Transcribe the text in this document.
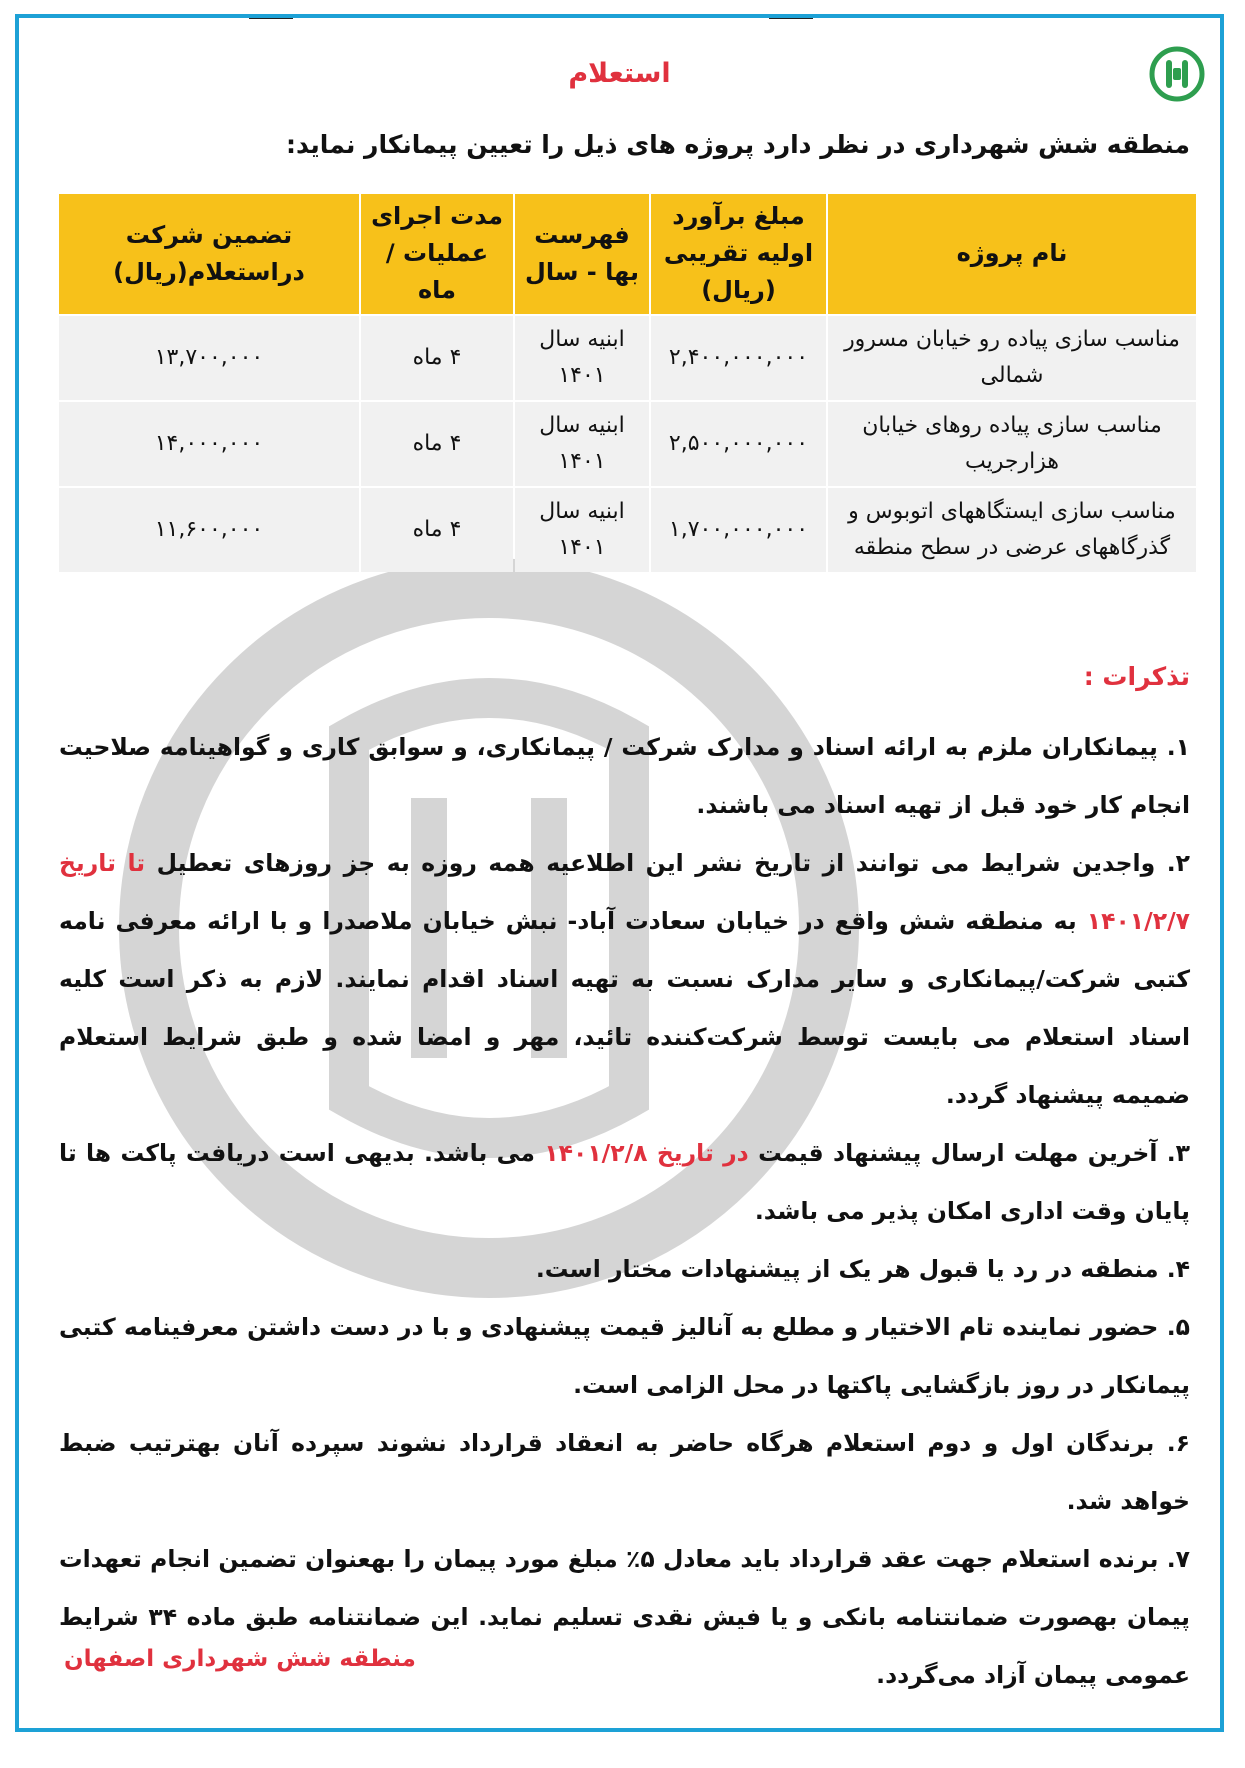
استعلام
منطقه شش شهرداری در نظر دارد پروژه های ذیل را تعیین پیمانکار نماید:
نام پروژه	مبلغ برآورد اولیه تقریبی (ریال)	فهرست بها - سال	مدت اجرای عملیات /ماه	تضمین شرکت دراستعلام(ریال)
مناسب سازی پیاده رو خیابان مسرور شمالی	۲,۴۰۰,۰۰۰,۰۰۰	ابنیه سال ۱۴۰۱	۴ ماه	۱۳,۷۰۰,۰۰۰
مناسب سازی پیاده روهای خیابان هزارجریب	۲,۵۰۰,۰۰۰,۰۰۰	ابنیه سال ۱۴۰۱	۴ ماه	۱۴,۰۰۰,۰۰۰
مناسب سازی ایستگاههای اتوبوس و گذرگاههای عرضی در سطح منطقه	۱,۷۰۰,۰۰۰,۰۰۰	ابنیه سال ۱۴۰۱	۴ ماه	۱۱,۶۰۰,۰۰۰
تذکرات :

۱. پیمانکاران ملزم به ارائه اسناد و مدارک شرکت / پیمانکاری، و سوابق کاری و گواهینامه صلاحیت انجام کار خود قبل از تهیه اسناد می باشند.

۲. واجدین شرایط می توانند از تاریخ نشر این اطلاعیه همه روزه به جز روزهای تعطیل تا تاریخ ۱۴۰۱/۲/۷ به منطقه شش واقع در خیابان سعادت آباد- نبش خیابان ملاصدرا و با ارائه معرفی نامه کتبی شرکت/پیمانکاری و سایر مدارک نسبت به تهیه اسناد اقدام نمایند. لازم به ذکر است کلیه اسناد استعلام می بایست توسط شرکت‌کننده تائید، مهر و امضا شده و طبق شرایط استعلام ضمیمه پیشنهاد گردد.

۳. آخرین مهلت ارسال پیشنهاد قیمت در تاریخ ۱۴۰۱/۲/۸ می باشد. بدیهی است دریافت پاکت ها تا پایان وقت اداری امکان پذیر می باشد.

۴. منطقه در رد یا قبول هر یک از پیشنهادات مختار است.

۵. حضور نماینده تام الاختیار و مطلع به آنالیز قیمت پیشنهادی و با در دست داشتن معرفینامه کتبی پیمانکار در روز بازگشایی پاکتها در محل الزامی است.

۶. برندگان اول و دوم استعلام هرگاه حاضر به انعقاد قرارداد نشوند سپرده آنان بهترتیب ضبط خواهد شد.

۷. برنده استعلام جهت عقد قرارداد باید معادل ۵٪ مبلغ مورد پیمان را بهعنوان تضمین انجام تعهدات پیمان بهصورت ضمانتنامه بانکی و یا فیش نقدی تسلیم نماید. این ضمانتنامه طبق ماده ۳۴ شرایط عمومی پیمان آزاد می‌گردد.

منطقه شش شهرداری اصفهان
